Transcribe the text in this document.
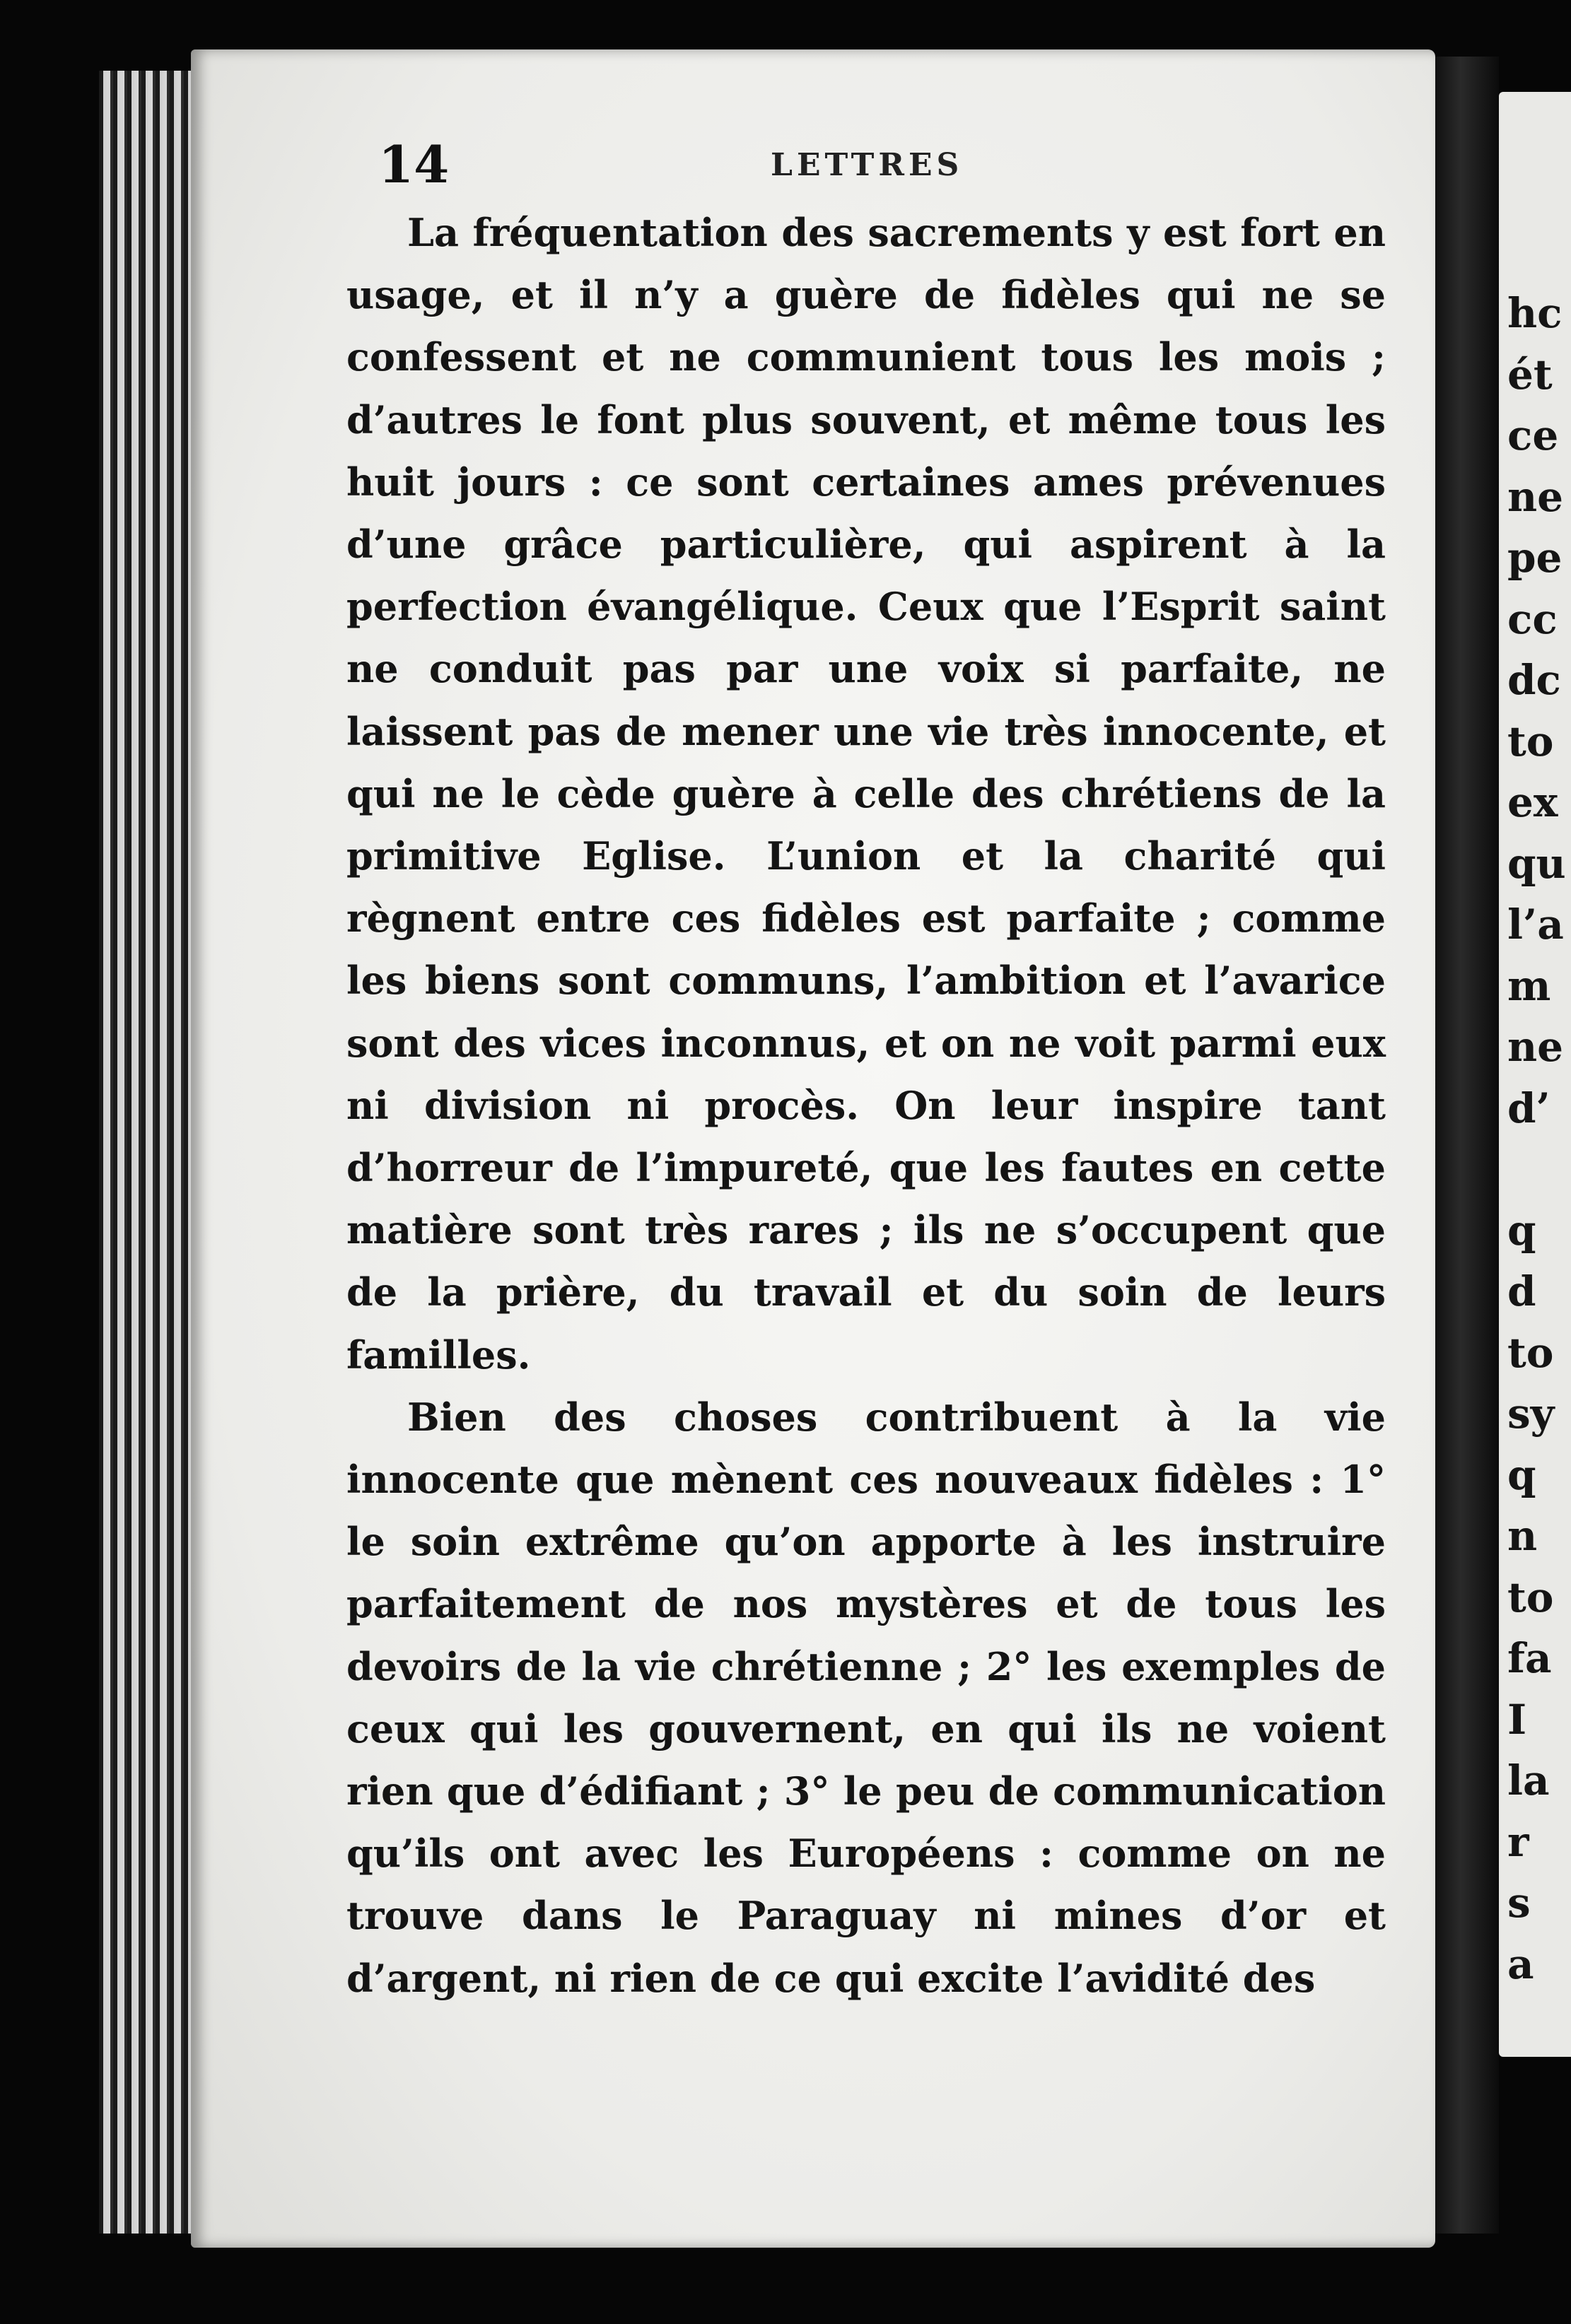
hc
ét
ce
ne
pe
cc
dc
to
ex
qu
l’a
m
ne
d’

q
d
to
sy
q
n
to
fa
I
la
r
s
a
14	LETTRES

La fréquentation des sacrements y est fort en usage, et il n’y a guère de fidèles qui ne se confessent et ne communient tous les mois ; d’autres le font plus souvent, et même tous les huit jours : ce sont certaines ames prévenues d’une grâce particulière, qui aspirent à la perfection évangélique. Ceux que l’Esprit saint ne conduit pas par une voix si parfaite, ne laissent pas de mener une vie très innocente, et qui ne le cède guère à celle des chrétiens de la primitive Eglise. L’union et la charité qui règnent entre ces fidèles est parfaite ; comme les biens sont communs, l’ambition et l’avarice sont des vices inconnus, et on ne voit parmi eux ni division ni procès. On leur inspire tant d’horreur de l’impureté, que les fautes en cette matière sont très rares ; ils ne s’occupent que de la prière, du travail et du soin de leurs familles.

Bien des choses contribuent à la vie innocente que mènent ces nouveaux fidèles : 1° le soin extrême qu’on apporte à les instruire parfaitement de nos mystères et de tous les devoirs de la vie chrétienne ; 2° les exemples de ceux qui les gouvernent, en qui ils ne voient rien que d’édifiant ; 3° le peu de communication qu’ils ont avec les Européens : comme on ne trouve dans le Paraguay ni mines d’or et d’argent, ni rien de ce qui excite l’avidité des
